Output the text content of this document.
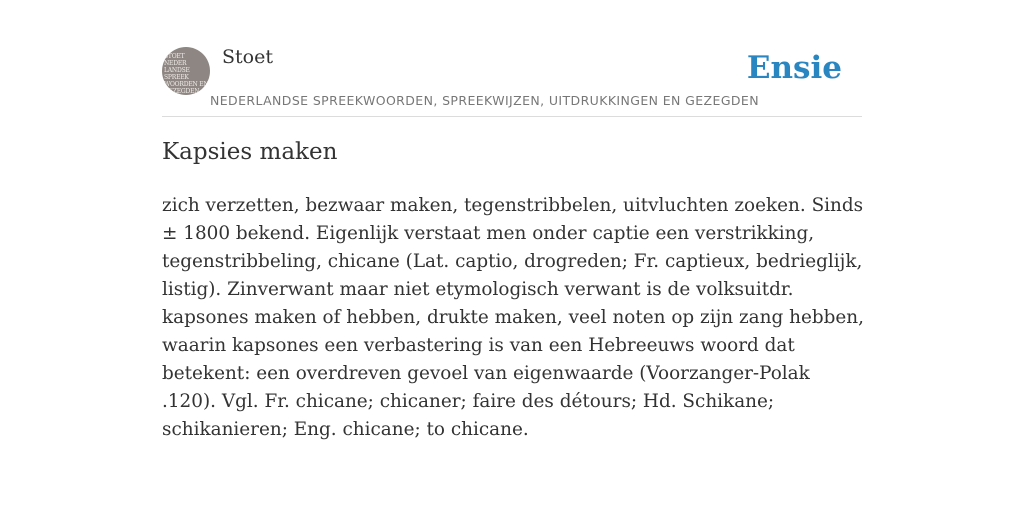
STOET
NEDER
LANDSE
SPREEK
WOORDEN EN
GEZEGDEN
Stoet
NEDERLANDSE SPREEKWOORDEN, SPREEKWIJZEN, UITDRUKKINGEN EN GEZEGDEN
Ensie
Kapsies maken

zich verzetten, bezwaar maken, tegenstribbelen, uitvluchten zoeken. Sinds ± 1800 bekend. Eigenlijk verstaat men onder captie een verstrikking, tegenstribbeling, chicane (Lat. captio, drogreden; Fr. captieux, bedrieglijk, listig). Zinverwant maar niet etymologisch verwant is de volksuitdr. kapsones maken of hebben, drukte maken, veel noten op zijn zang hebben, waarin kapsones een verbastering is van een Hebreeuws woord dat betekent: een overdreven gevoel van eigenwaarde (Voorzanger-Polak .120). Vgl. Fr. chicane; chicaner; faire des détours; Hd. Schikane; schikanieren; Eng. chicane; to chicane.
